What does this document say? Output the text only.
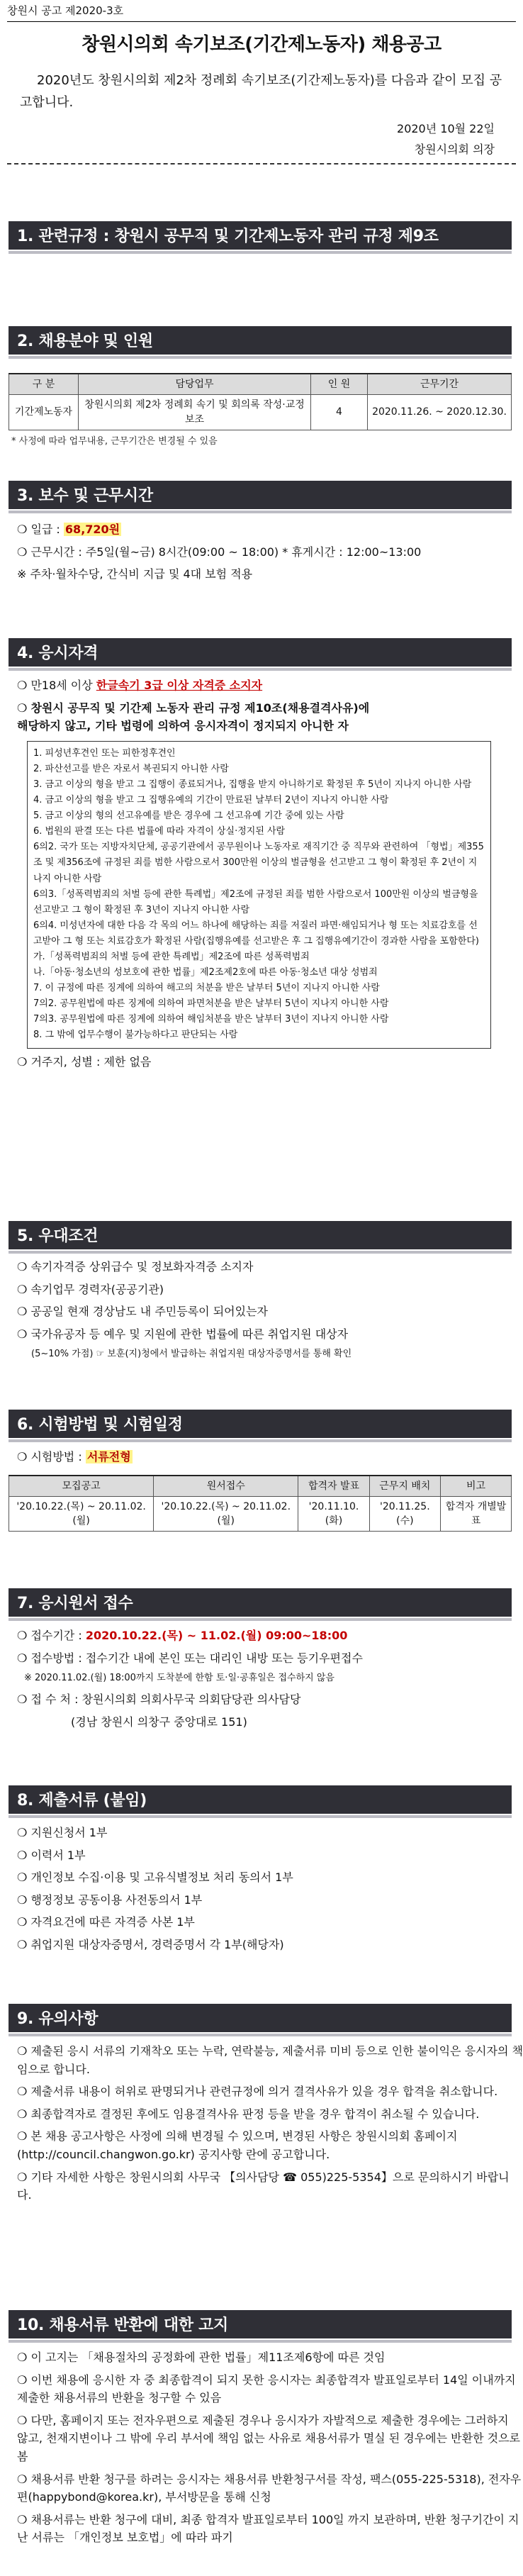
창원시 공고 제2020-3호
창원시의회 속기보조(기간제노동자) 채용공고
2020년도 창원시의회 제2차 정례회 속기보조(기간제노동자)를 다음과 같이 모집 공고합니다.
2020년 10월 22일
창원시의회 의장
1. 관련규정 : 창원시 공무직 및 기간제노동자 관리 규정 제9조
2. 채용분야 및 인원
구 분	담당업무	인 원	근무기간
기간제노동자	창원시의회 제2차 정례회 속기 및 회의록 작성·교정 보조	4	2020.11.26. ~ 2020.12.30.
* 사정에 따라 업무내용, 근무기간은 변경될 수 있음
3. 보수 및 근무시간
❍ 일급 : 68,720원
❍ 근무시간 : 주5일(월~금) 8시간(09:00 ~ 18:00) * 휴게시간 : 12:00~13:00
※ 주차·월차수당, 간식비 지급 및 4대 보험 적용
4. 응시자격
❍ 만18세 이상 한글속기 3급 이상 자격증 소지자
❍ 창원시 공무직 및 기간제 노동자 관리 규정 제10조(채용결격사유)에
해당하지 않고, 기타 법령에 의하여 응시자격이 정지되지 아니한 자

1. 피성년후견인 또는 피한정후견인

2. 파산선고를 받은 자로서 복권되지 아니한 사람

3. 금고 이상의 형을 받고 그 집행이 종료되거나, 집행을 받지 아니하기로 확정된 후 5년이 지나지 아니한 사람

4. 금고 이상의 형을 받고 그 집행유예의 기간이 만료된 날부터 2년이 지나지 아니한 사람

5. 금고 이상의 형의 선고유예를 받은 경우에 그 선고유예 기간 중에 있는 사람

6. 법원의 판결 또는 다른 법률에 따라 자격이 상실·정지된 사람

6의2. 국가 또는 지방자치단체, 공공기관에서 공무원이나 노동자로 재직기간 중 직무와 관련하여 「형법」제355조 및 제356조에 규정된 죄를 범한 사람으로서 300만원 이상의 벌금형을 선고받고 그 형이 확정된 후 2년이 지나지 아니한 사람

6의3.「성폭력범죄의 처벌 등에 관한 특례법」제2조에 규정된 죄를 범한 사람으로서 100만원 이상의 벌금형을 선고받고 그 형이 확정된 후 3년이 지나지 아니한 사람

6의4. 미성년자에 대한 다음 각 목의 어느 하나에 해당하는 죄를 저질러 파면·해임되거나 형 또는 치료감호를 선고받아 그 형 또는 치료감호가 확정된 사람(집행유예를 선고받은 후 그 집행유예기간이 경과한 사람을 포함한다)

가.「성폭력범죄의 처벌 등에 관한 특례법」제2조에 따른 성폭력범죄

나.「아동·청소년의 성보호에 관한 법률」제2조제2호에 따른 아동·청소년 대상 성범죄

7. 이 규정에 따른 징계에 의하여 해고의 처분을 받은 날부터 5년이 지나지 아니한 사람

7의2. 공무원법에 따른 징계에 의하여 파면처분을 받은 날부터 5년이 지나지 아니한 사람

7의3. 공무원법에 따른 징계에 의하여 해임처분을 받은 날부터 3년이 지나지 아니한 사람

8. 그 밖에 업무수행이 불가능하다고 판단되는 사람

❍ 거주지, 성별 : 제한 없음
5. 우대조건
❍ 속기자격증 상위급수 및 정보화자격증 소지자
❍ 속기업무 경력자(공공기관)
❍ 공공일 현재 경상남도 내 주민등록이 되어있는자
❍ 국가유공자 등 예우 및 지원에 관한 법률에 따른 취업지원 대상자
(5~10% 가점) ☞ 보훈(지)청에서 발급하는 취업지원 대상자증명서를 통해 확인
6. 시험방법 및 시험일정
❍ 시험방법 : 서류전형
모집공고	원서접수	합격자 발표	근무지 배치	비고
'20.10.22.(목) ~ 20.11.02.(월)	'20.10.22.(목) ~ 20.11.02.(월)	'20.11.10.(화)	'20.11.25.(수)	합격자 개별발표
7. 응시원서 접수
❍ 접수기간 : 2020.10.22.(목) ~ 11.02.(월) 09:00~18:00
❍ 접수방법 : 접수기간 내에 본인 또는 대리인 내방 또는 등기우편접수
※ 2020.11.02.(월) 18:00까지 도착분에 한함 토·일·공휴일은 접수하지 않음
❍ 접 수 처 : 창원시의회 의회사무국 의회담당관 의사담당
(경남 창원시 의창구 중앙대로 151)
8. 제출서류 (붙임)
❍ 지원신청서 1부
❍ 이력서 1부
❍ 개인정보 수집·이용 및 고유식별정보 처리 동의서 1부
❍ 행정정보 공동이용 사전동의서 1부
❍ 자격요건에 따른 자격증 사본 1부
❍ 취업지원 대상자증명서, 경력증명서 각 1부(해당자)
9. 유의사항
❍ 제출된 응시 서류의 기재착오 또는 누락, 연락불능, 제출서류 미비 등으로 인한 불이익은 응시자의 책임으로 합니다.
❍ 제출서류 내용이 허위로 판명되거나 관련규정에 의거 결격사유가 있을 경우 합격을 취소합니다.
❍ 최종합격자로 결정된 후에도 임용결격사유 판정 등을 받을 경우 합격이 취소될 수 있습니다.
❍ 본 채용 공고사항은 사정에 의해 변경될 수 있으며, 변경된 사항은 창원시의회 홈페이지(http://council.changwon.go.kr) 공지사항 란에 공고합니다.
❍ 기타 자세한 사항은 창원시의회 사무국 【의사담당 ☎ 055)225-5354】으로 문의하시기 바랍니다.
10. 채용서류 반환에 대한 고지
❍ 이 고지는 「채용절차의 공정화에 관한 법률」제11조제6항에 따른 것임
❍ 이번 채용에 응시한 자 중 최종합격이 되지 못한 응시자는 최종합격자 발표일로부터 14일 이내까지 제출한 채용서류의 반환을 청구할 수 있음
❍ 다만, 홈페이지 또는 전자우편으로 제출된 경우나 응시자가 자발적으로 제출한 경우에는 그러하지 않고, 천재지변이나 그 밖에 우리 부서에 책임 없는 사유로 채용서류가 멸실 된 경우에는 반환한 것으로 봄
❍ 채용서류 반환 청구를 하려는 응시자는 채용서류 반환청구서를 작성, 팩스(055-225-5318), 전자우편(happybond@korea.kr), 부서방문을 통해 신청
❍ 채용서류는 반환 청구에 대비, 최종 합격자 발표일로부터 100일 까지 보관하며, 반환 청구기간이 지난 서류는 「개인정보 보호법」에 따라 파기
